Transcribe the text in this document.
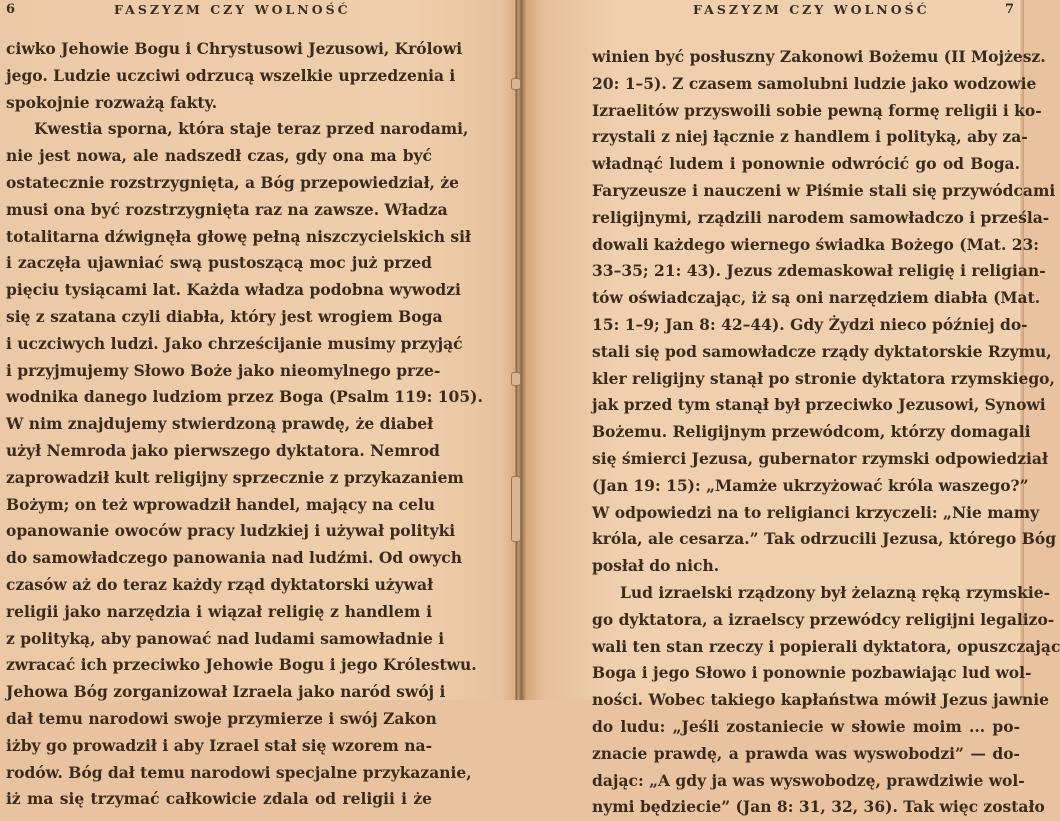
6	FASZYZM CZY WOLNOŚĆ
ciwko Jehowie Bogu i Chrystusowi Jezusowi, Królowi
jego. Ludzie uczciwi odrzucą wszelkie uprzedzenia i
spokojnie rozważą fakty.
Kwestia sporna, która staje teraz przed narodami,
nie jest nowa, ale nadszedł czas, gdy ona ma być
ostatecznie rozstrzygnięta, a Bóg przepowiedział, że
musi ona być rozstrzygnięta raz na zawsze. Władza
totalitarna dźwignęła głowę pełną niszczycielskich sił
i zaczęła ujawniać swą pustoszącą moc już przed
pięciu tysiącami lat. Każda władza podobna wywodzi
się z szatana czyli diabła, który jest wrogiem Boga
i uczciwych ludzi. Jako chrześcijanie musimy przyjąć
i przyjmujemy Słowo Boże jako nieomylnego prze-
wodnika danego ludziom przez Boga (Psalm 119: 105).
W nim znajdujemy stwierdzoną prawdę, że diabeł
użył Nemroda jako pierwszego dyktatora. Nemrod
zaprowadził kult religijny sprzecznie z przykazaniem
Bożym; on też wprowadził handel, mający na celu
opanowanie owoców pracy ludzkiej i używał polityki
do samowładczego panowania nad ludźmi. Od owych
czasów aż do teraz każdy rząd dyktatorski używał
religii jako narzędzia i wiązał religię z handlem i
z polityką, aby panować nad ludami samowładnie i
zwracać ich przeciwko Jehowie Bogu i jego Królestwu.
Jehowa Bóg zorganizował Izraela jako naród swój i
dał temu narodowi swoje przymierze i swój Zakon
iżby go prowadził i aby Izrael stał się wzorem na-
rodów. Bóg dał temu narodowi specjalne przykazanie,
iż ma się trzymać całkowicie zdala od religii i że
FASZYZM CZY WOLNOŚĆ	7
winien być posłuszny Zakonowi Bożemu (II Mojżesz.
20: 1–5). Z czasem samolubni ludzie jako wodzowie
Izraelitów przyswoili sobie pewną formę religii i ko-
rzystali z niej łącznie z handlem i polityką, aby za-
władnąć ludem i ponownie odwrócić go od Boga.
Faryzeusze i nauczeni w Piśmie stali się przywódcami
religijnymi, rządzili narodem samowładczo i prześla-
dowali każdego wiernego świadka Bożego (Mat. 23:
33–35; 21: 43). Jezus zdemaskował religię i religian-
tów oświadczając, iż są oni narzędziem diabła (Mat.
15: 1–9; Jan 8: 42–44). Gdy Żydzi nieco później do-
stali się pod samowładcze rządy dyktatorskie Rzymu,
kler religijny stanął po stronie dyktatora rzymskiego,
jak przed tym stanął był przeciwko Jezusowi, Synowi
Bożemu. Religijnym przewódcom, którzy domagali
się śmierci Jezusa, gubernator rzymski odpowiedział
(Jan 19: 15): „Mamże ukrzyżować króla waszego?”
W odpowiedzi na to religianci krzyczeli: „Nie mamy
króla, ale cesarza.” Tak odrzucili Jezusa, którego Bóg
posłał do nich.
Lud izraelski rządzony był żelazną ręką rzymskie-
go dyktatora, a izraelscy przewódcy religijni legalizo-
wali ten stan rzeczy i popierali dyktatora, opuszczając
Boga i jego Słowo i ponownie pozbawiając lud wol-
ności. Wobec takiego kapłaństwa mówił Jezus jawnie
do ludu: „Jeśli zostaniecie w słowie moim ... po-
znacie prawdę, a prawda was wyswobodzi” — do-
dając: „A gdy ja was wyswobodzę, prawdziwie wol-
nymi będziecie” (Jan 8: 31, 32, 36). Tak więc zostało
